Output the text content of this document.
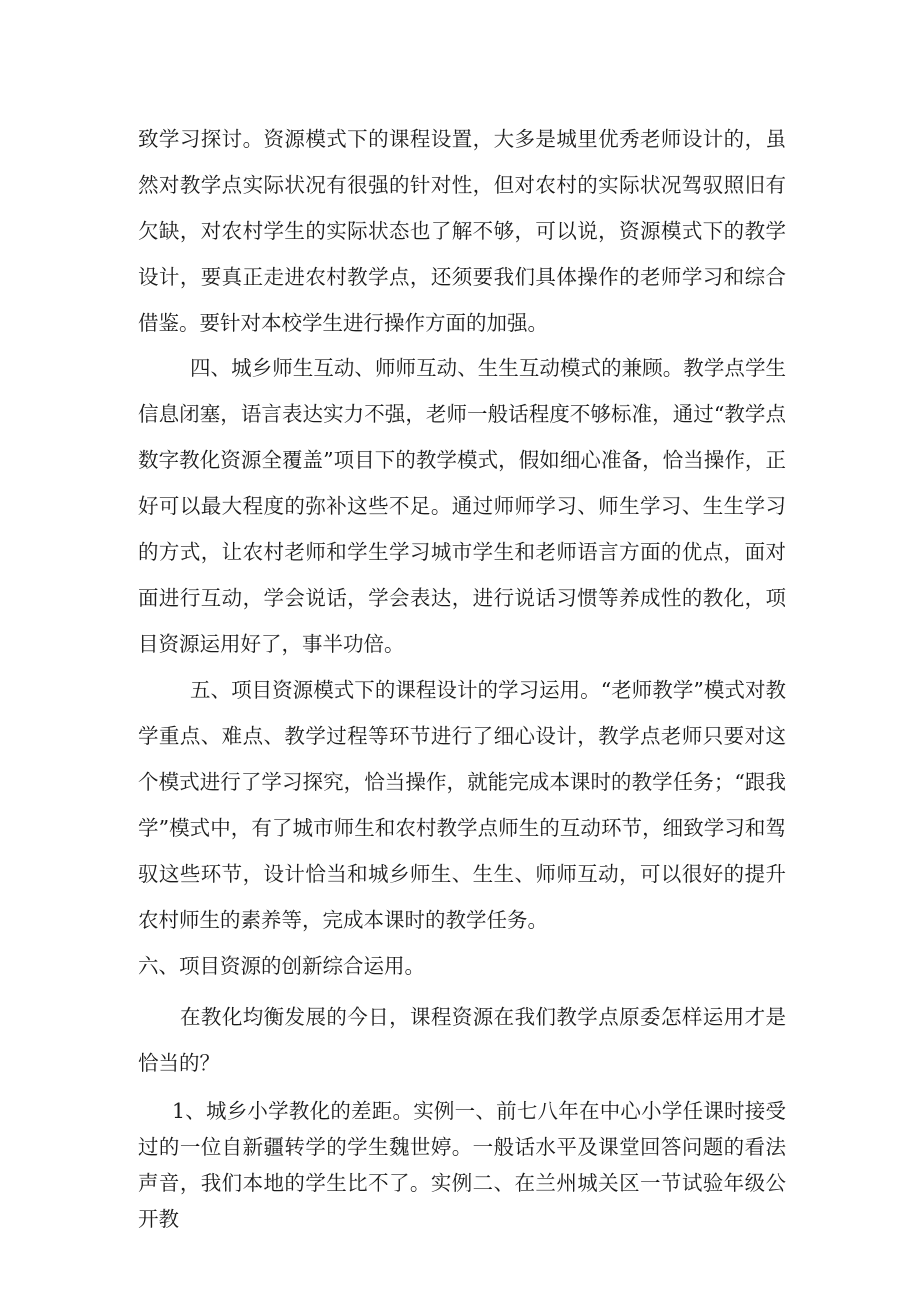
致学习探讨。资源模式下的课程设置，大多是城里优秀老师设计的，虽然对教学点实际状况有很强的针对性，但对农村的实际状况驾驭照旧有欠缺，对农村学生的实际状态也了解不够，可以说，资源模式下的教学设计，要真正走进农村教学点，还须要我们具体操作的老师学习和综合借鉴。要针对本校学生进行操作方面的加强。

四、城乡师生互动、师师互动、生生互动模式的兼顾。教学点学生信息闭塞，语言表达实力不强，老师一般话程度不够标准，通过“教学点数字教化资源全覆盖”项目下的教学模式，假如细心准备，恰当操作，正好可以最大程度的弥补这些不足。通过师师学习、师生学习、生生学习的方式，让农村老师和学生学习城市学生和老师语言方面的优点，面对面进行互动，学会说话，学会表达，进行说话习惯等养成性的教化，项目资源运用好了，事半功倍。

五、项目资源模式下的课程设计的学习运用。“老师教学”模式对教学重点、难点、教学过程等环节进行了细心设计，教学点老师只要对这个模式进行了学习探究，恰当操作，就能完成本课时的教学任务；“跟我学”模式中，有了城市师生和农村教学点师生的互动环节，细致学习和驾驭这些环节，设计恰当和城乡师生、生生、师师互动，可以很好的提升农村师生的素养等，完成本课时的教学任务。

六、项目资源的创新综合运用。

在教化均衡发展的今日，课程资源在我们教学点原委怎样运用才是恰当的？

1、城乡小学教化的差距。实例一、前七八年在中心小学任课时接受过的一位自新疆转学的学生魏世婷。一般话水平及课堂回答问题的看法声音，我们本地的学生比不了。实例二、在兰州城关区一节试验年级公开教
